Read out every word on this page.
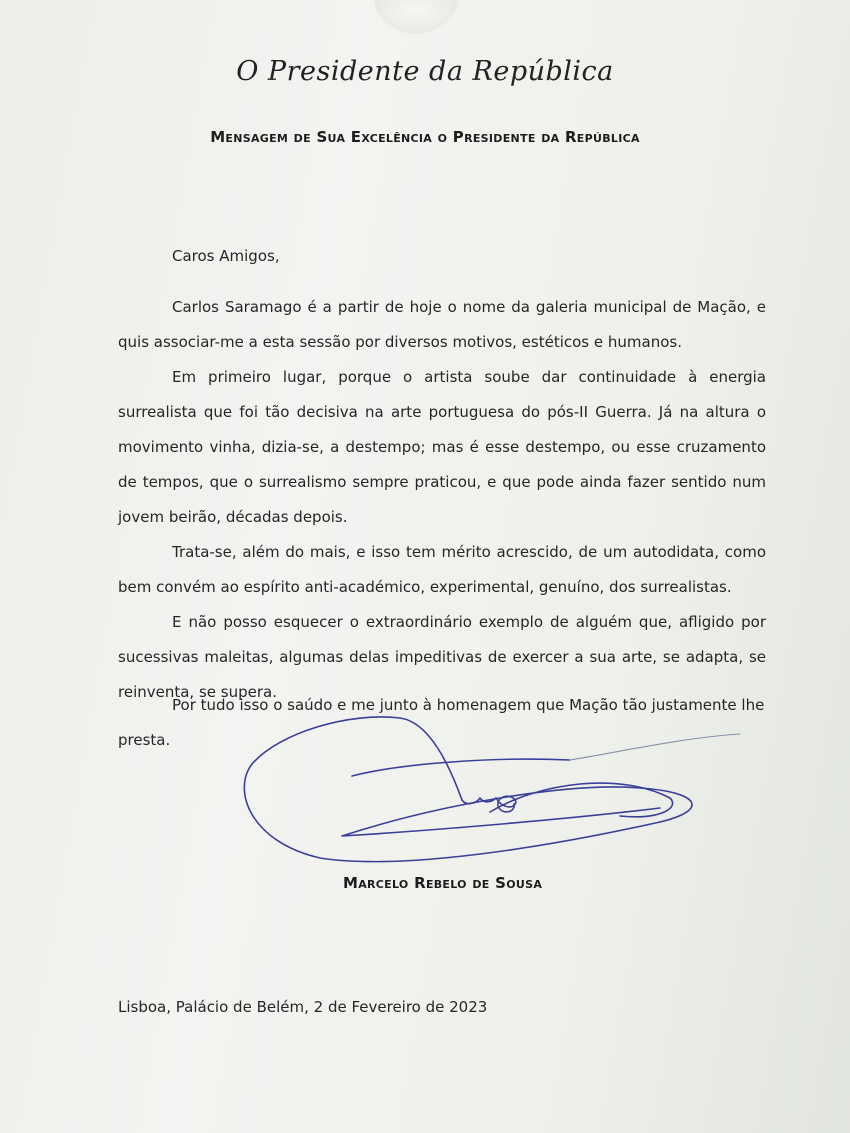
O Presidente da República
Mensagem de Sua Excelência o Presidente da República
Caros Amigos,

Carlos Saramago é a partir de hoje o nome da galeria municipal de Mação, e quis associar-me a esta sessão por diversos motivos, estéticos e humanos.

Em primeiro lugar, porque o artista soube dar continuidade à energia surrealista que foi tão decisiva na arte portuguesa do pós-II Guerra. Já na altura o movimento vinha, dizia-se, a destempo; mas é esse destempo, ou esse cruzamento de tempos, que o surrealismo sempre praticou, e que pode ainda fazer sentido num jovem beirão, décadas depois.

Trata-se, além do mais, e isso tem mérito acrescido, de um autodidata, como bem convém ao espírito anti-académico, experimental, genuíno, dos surrealistas.

E não posso esquecer o extraordinário exemplo de alguém que, afligido por sucessivas maleitas, algumas delas impeditivas de exercer a sua arte, se adapta, se reinventa, se supera.

Por tudo isso o saúdo e me junto à homenagem que Mação tão justamente lhe
presta.
Marcelo Rebelo de Sousa
Lisboa, Palácio de Belém, 2 de Fevereiro de 2023
